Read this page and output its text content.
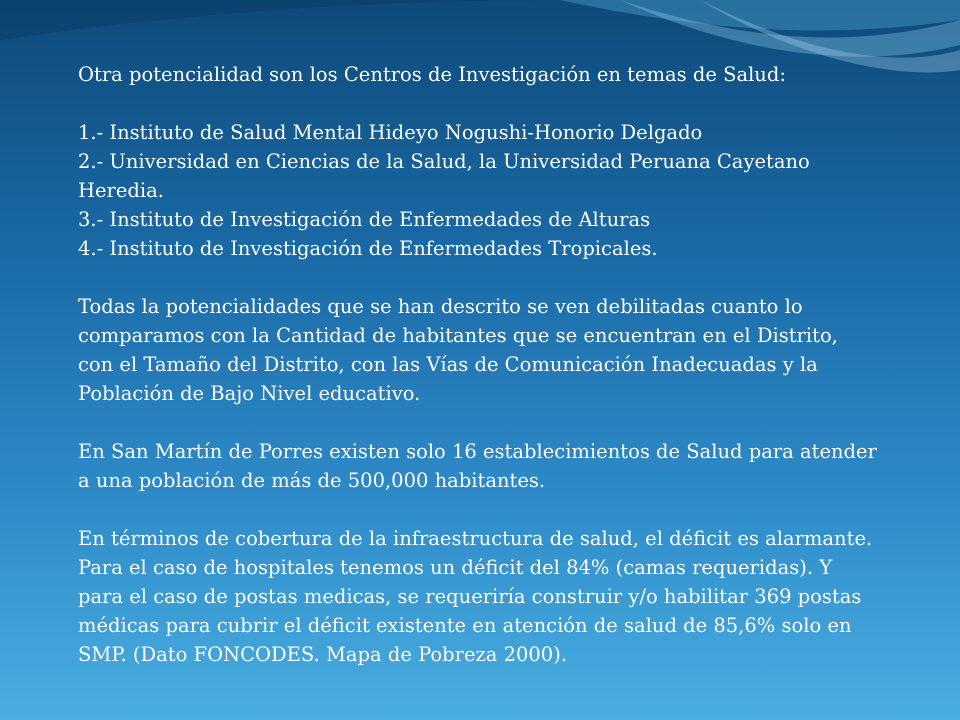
Otra potencialidad son los Centros de Investigación en temas de Salud:

1.- Instituto de Salud Mental Hideyo Nogushi-Honorio Delgado

2.- Universidad en Ciencias de la Salud, la Universidad Peruana Cayetano Heredia.

3.- Instituto de Investigación de Enfermedades de Alturas

4.- Instituto de Investigación de Enfermedades Tropicales.

Todas la potencialidades que se han descrito se ven debilitadas cuanto lo comparamos con la Cantidad de habitantes que se encuentran en el Distrito, con el Tamaño del Distrito, con las Vías de Comunicación Inadecuadas y la Población de Bajo Nivel educativo.

En San Martín de Porres existen solo 16 establecimientos de Salud para atender a una población de más de 500,000 habitantes.

En términos de cobertura de la infraestructura de salud, el déficit es alarmante. Para el caso de hospitales tenemos un déficit del 84% (camas requeridas). Y para el caso de postas medicas, se requeriría construir y/o habilitar 369 postas médicas para cubrir el déficit existente en atención de salud de 85,6% solo en SMP. (Dato FONCODES. Mapa de Pobreza 2000).
